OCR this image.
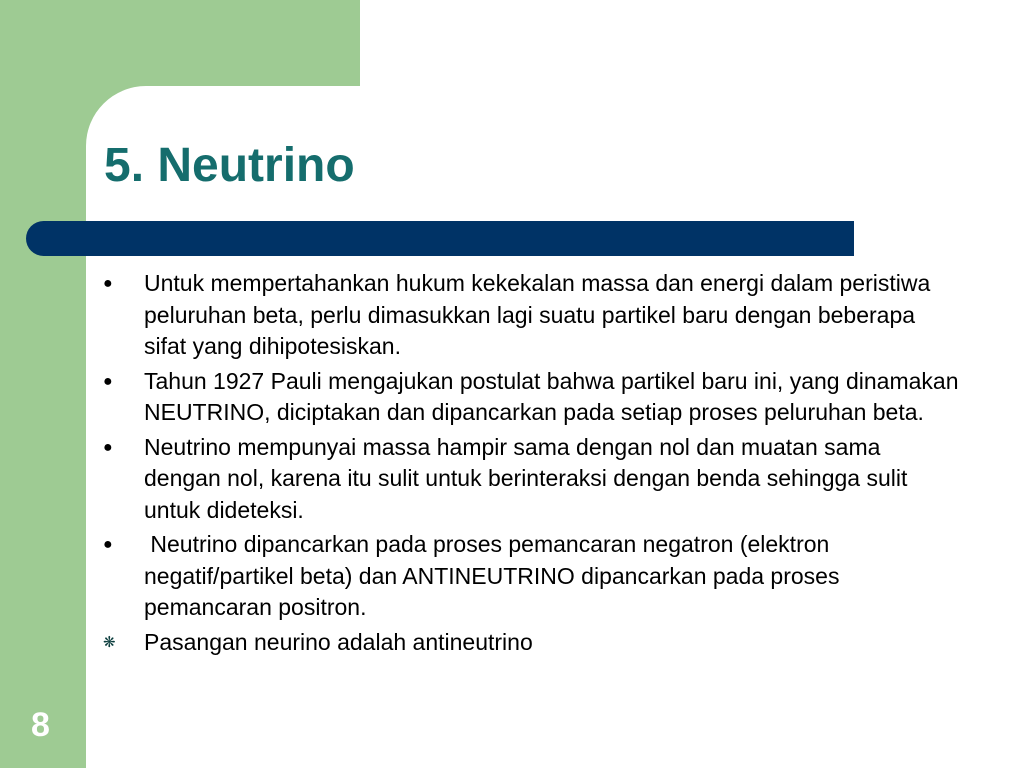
5. Neutrino
●	Untuk mempertahankan hukum kekekalan massa dan energi dalam peristiwa peluruhan beta, perlu dimasukkan lagi suatu partikel baru dengan beberapa sifat yang dihipotesiskan.
●	Tahun 1927 Pauli mengajukan postulat bahwa partikel baru ini, yang dinamakan NEUTRINO, diciptakan dan dipancarkan pada setiap proses peluruhan beta.
●	Neutrino mempunyai massa hampir sama dengan nol dan muatan sama dengan nol, karena itu sulit untuk berinteraksi dengan benda sehingga sulit untuk dideteksi.
●	Neutrino dipancarkan pada proses pemancaran negatron (elektron negatif/partikel beta) dan ANTINEUTRINO dipancarkan pada proses pemancaran positron.
❋	Pasangan neurino adalah antineutrino
8
